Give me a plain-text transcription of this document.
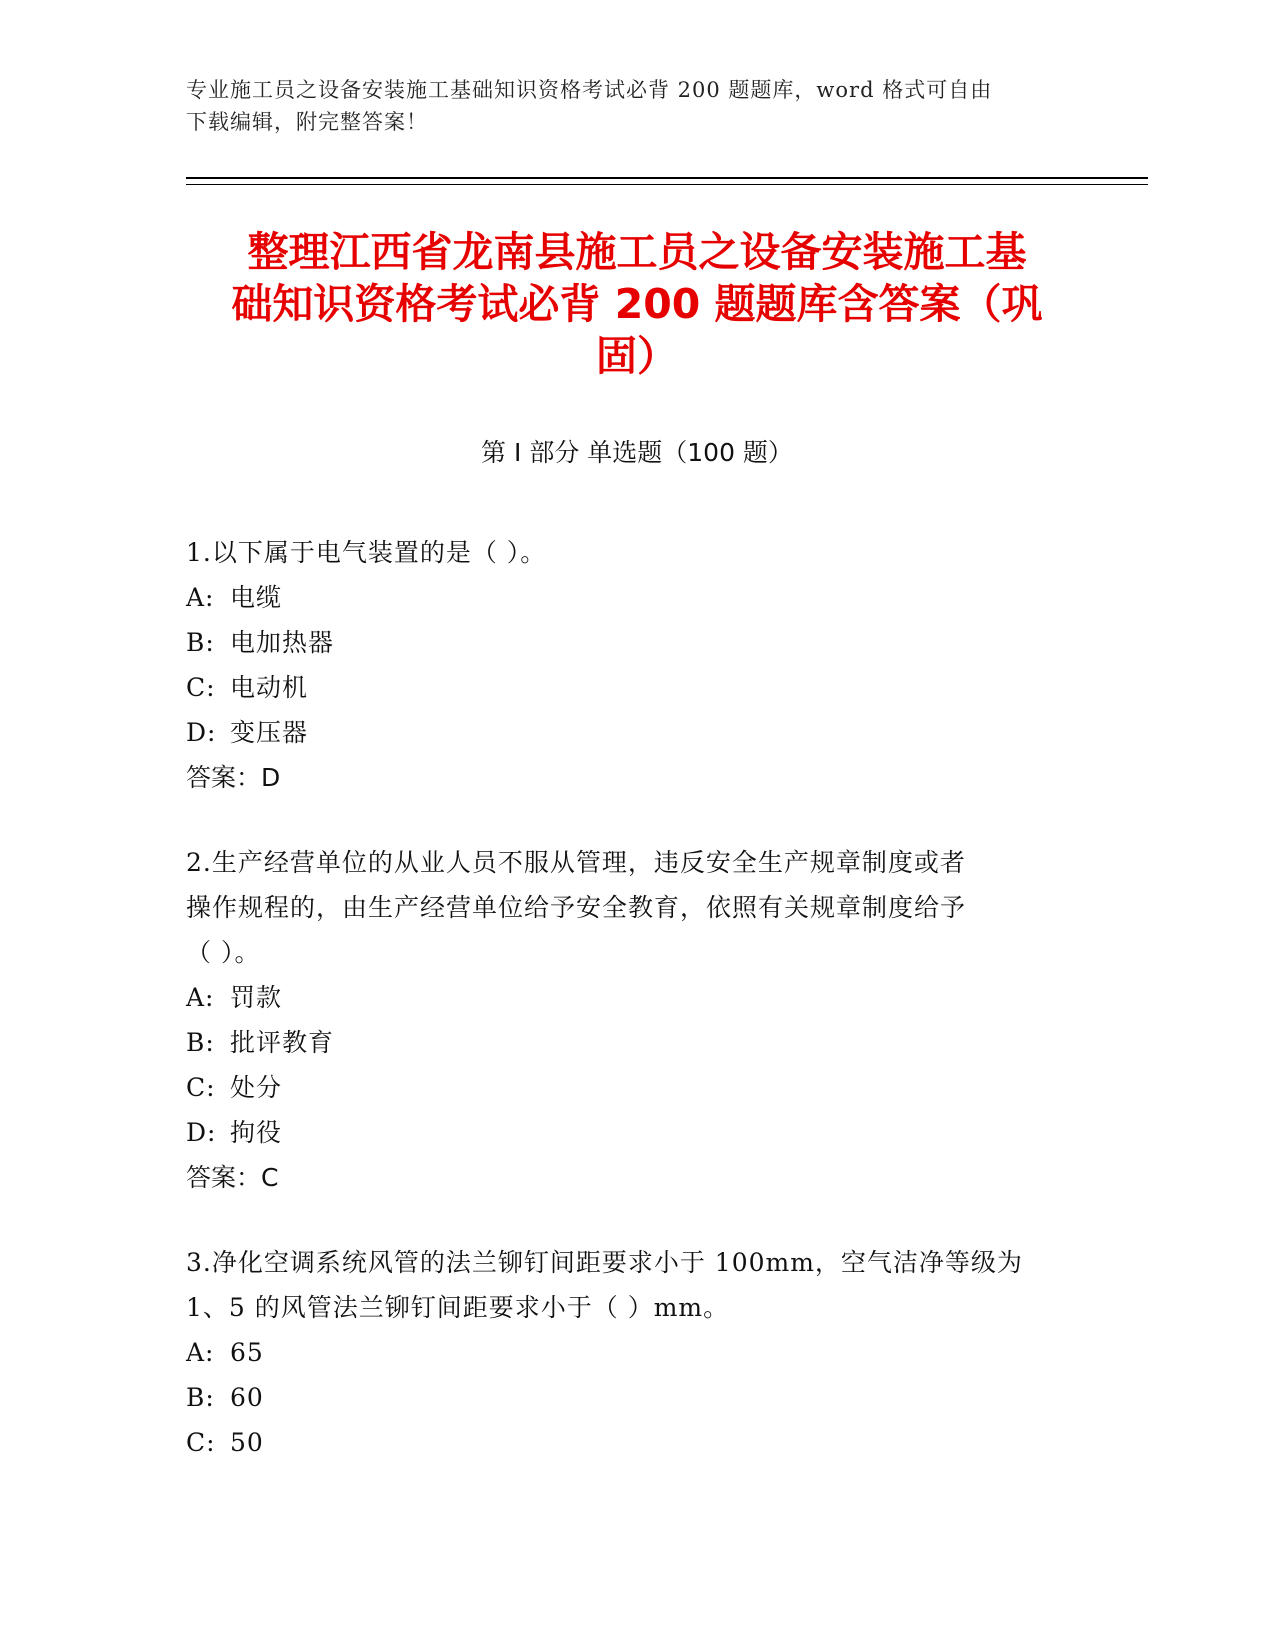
专业施工员之设备安装施工基础知识资格考试必背 200 题题库，word 格式可自由
下载编辑，附完整答案！
整理江西省龙南县施工员之设备安装施工基
础知识资格考试必背 200 题题库含答案（巩
固）
第 I 部分 单选题（100 题）

1.以下属于电气装置的是（ ）。

A: 电缆
B: 电加热器
C: 电动机
D: 变压器
答案：D

2.生产经营单位的从业人员不服从管理，违反安全生产规章制度或者

操作规程的，由生产经营单位给予安全教育，依照有关规章制度给予

（ ）。

A: 罚款
B: 批评教育
C: 处分
D: 拘役
答案：C

3.净化空调系统风管的法兰铆钉间距要求小于 100mm，空气洁净等级为

1、5 的风管法兰铆钉间距要求小于（ ）mm。

A: 65
B: 60
C: 50
